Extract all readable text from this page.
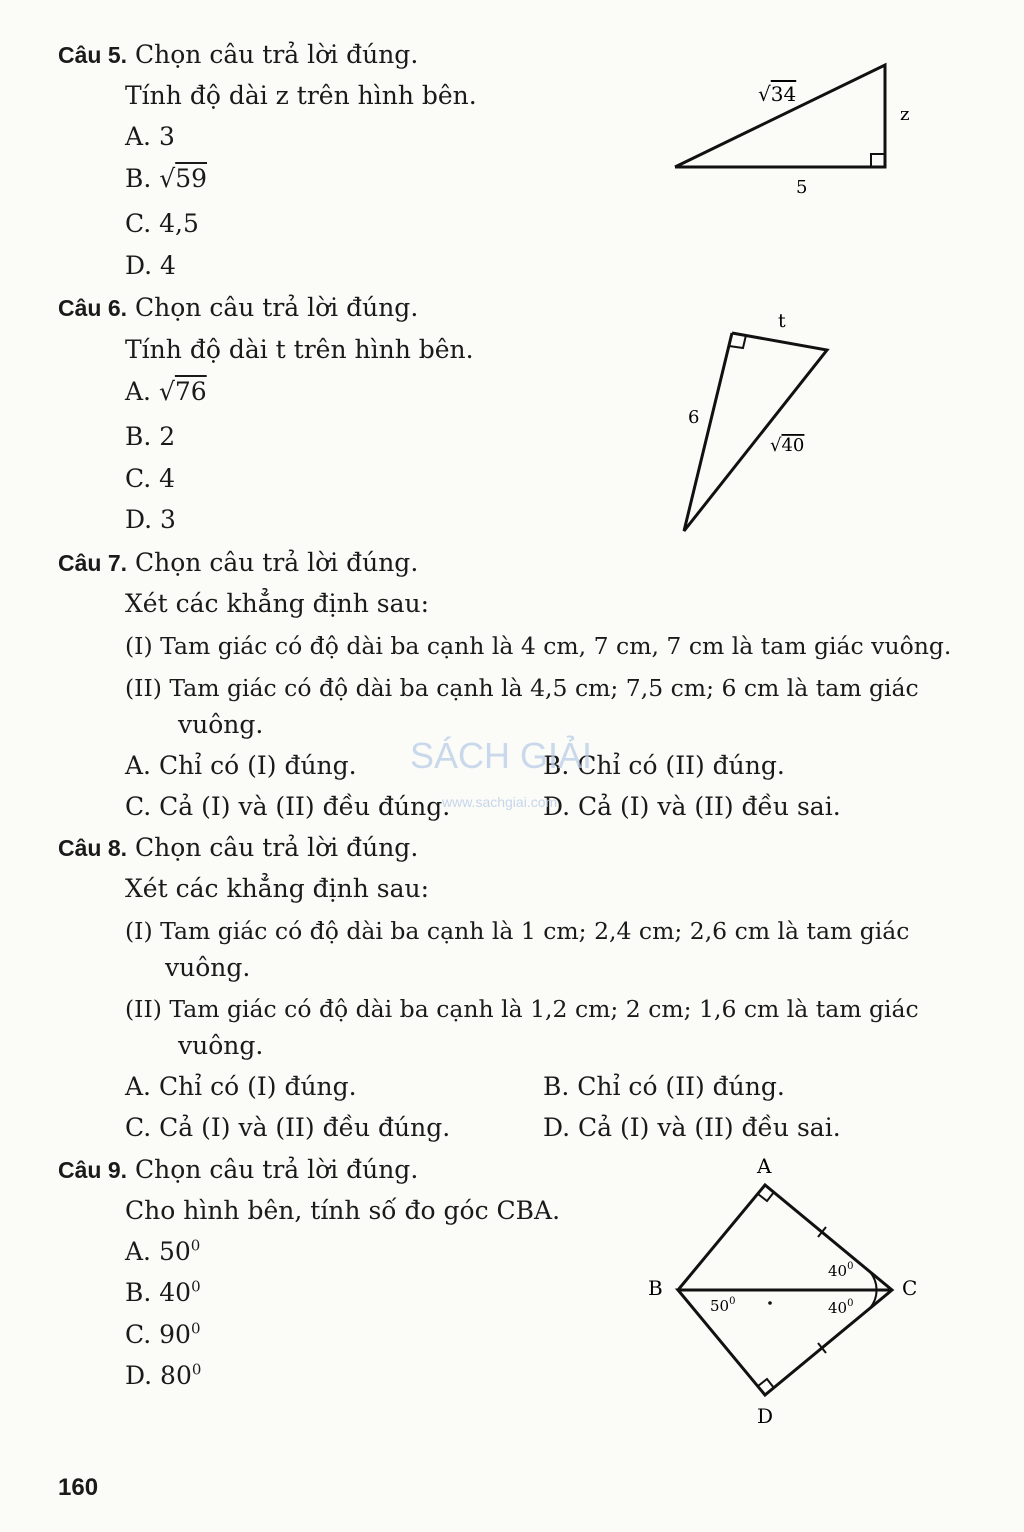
Câu 5. Chọn câu trả lời đúng.
Tính độ dài z trên hình bên.
A. 3
B. √59
C. 4,5
D. 4
√34
z
5
Câu 6. Chọn câu trả lời đúng.
Tính độ dài t trên hình bên.
A. √76
B. 2
C. 4
D. 3
t
6
√40
Câu 7. Chọn câu trả lời đúng.
Xét các khẳng định sau:
(I) Tam giác có độ dài ba cạnh là 4 cm, 7 cm, 7 cm là tam giác vuông.
(II) Tam giác có độ dài ba cạnh là 4,5 cm; 7,5 cm; 6 cm là tam giác
vuông.
A. Chỉ có (I) đúng.	B. Chỉ có (II) đúng.
C. Cả (I) và (II) đều đúng.	D. Cả (I) và (II) đều sai.
SÁCH GIẢI
www.sachgiai.com
Câu 8. Chọn câu trả lời đúng.
Xét các khẳng định sau:
(I) Tam giác có độ dài ba cạnh là 1 cm; 2,4 cm; 2,6 cm là tam giác
vuông.
(II) Tam giác có độ dài ba cạnh là 1,2 cm; 2 cm; 1,6 cm là tam giác
vuông.
A. Chỉ có (I) đúng.	B. Chỉ có (II) đúng.
C. Cả (I) và (II) đều đúng.	D. Cả (I) và (II) đều sai.
Câu 9. Chọn câu trả lời đúng.
Cho hình bên, tính số đo góc CBA.
A. $50^0$
B. $40^0$
C. $90^0$
D. $80^0$
A
B	C
D
$40^0$
$40^0$
$50^0$
160
